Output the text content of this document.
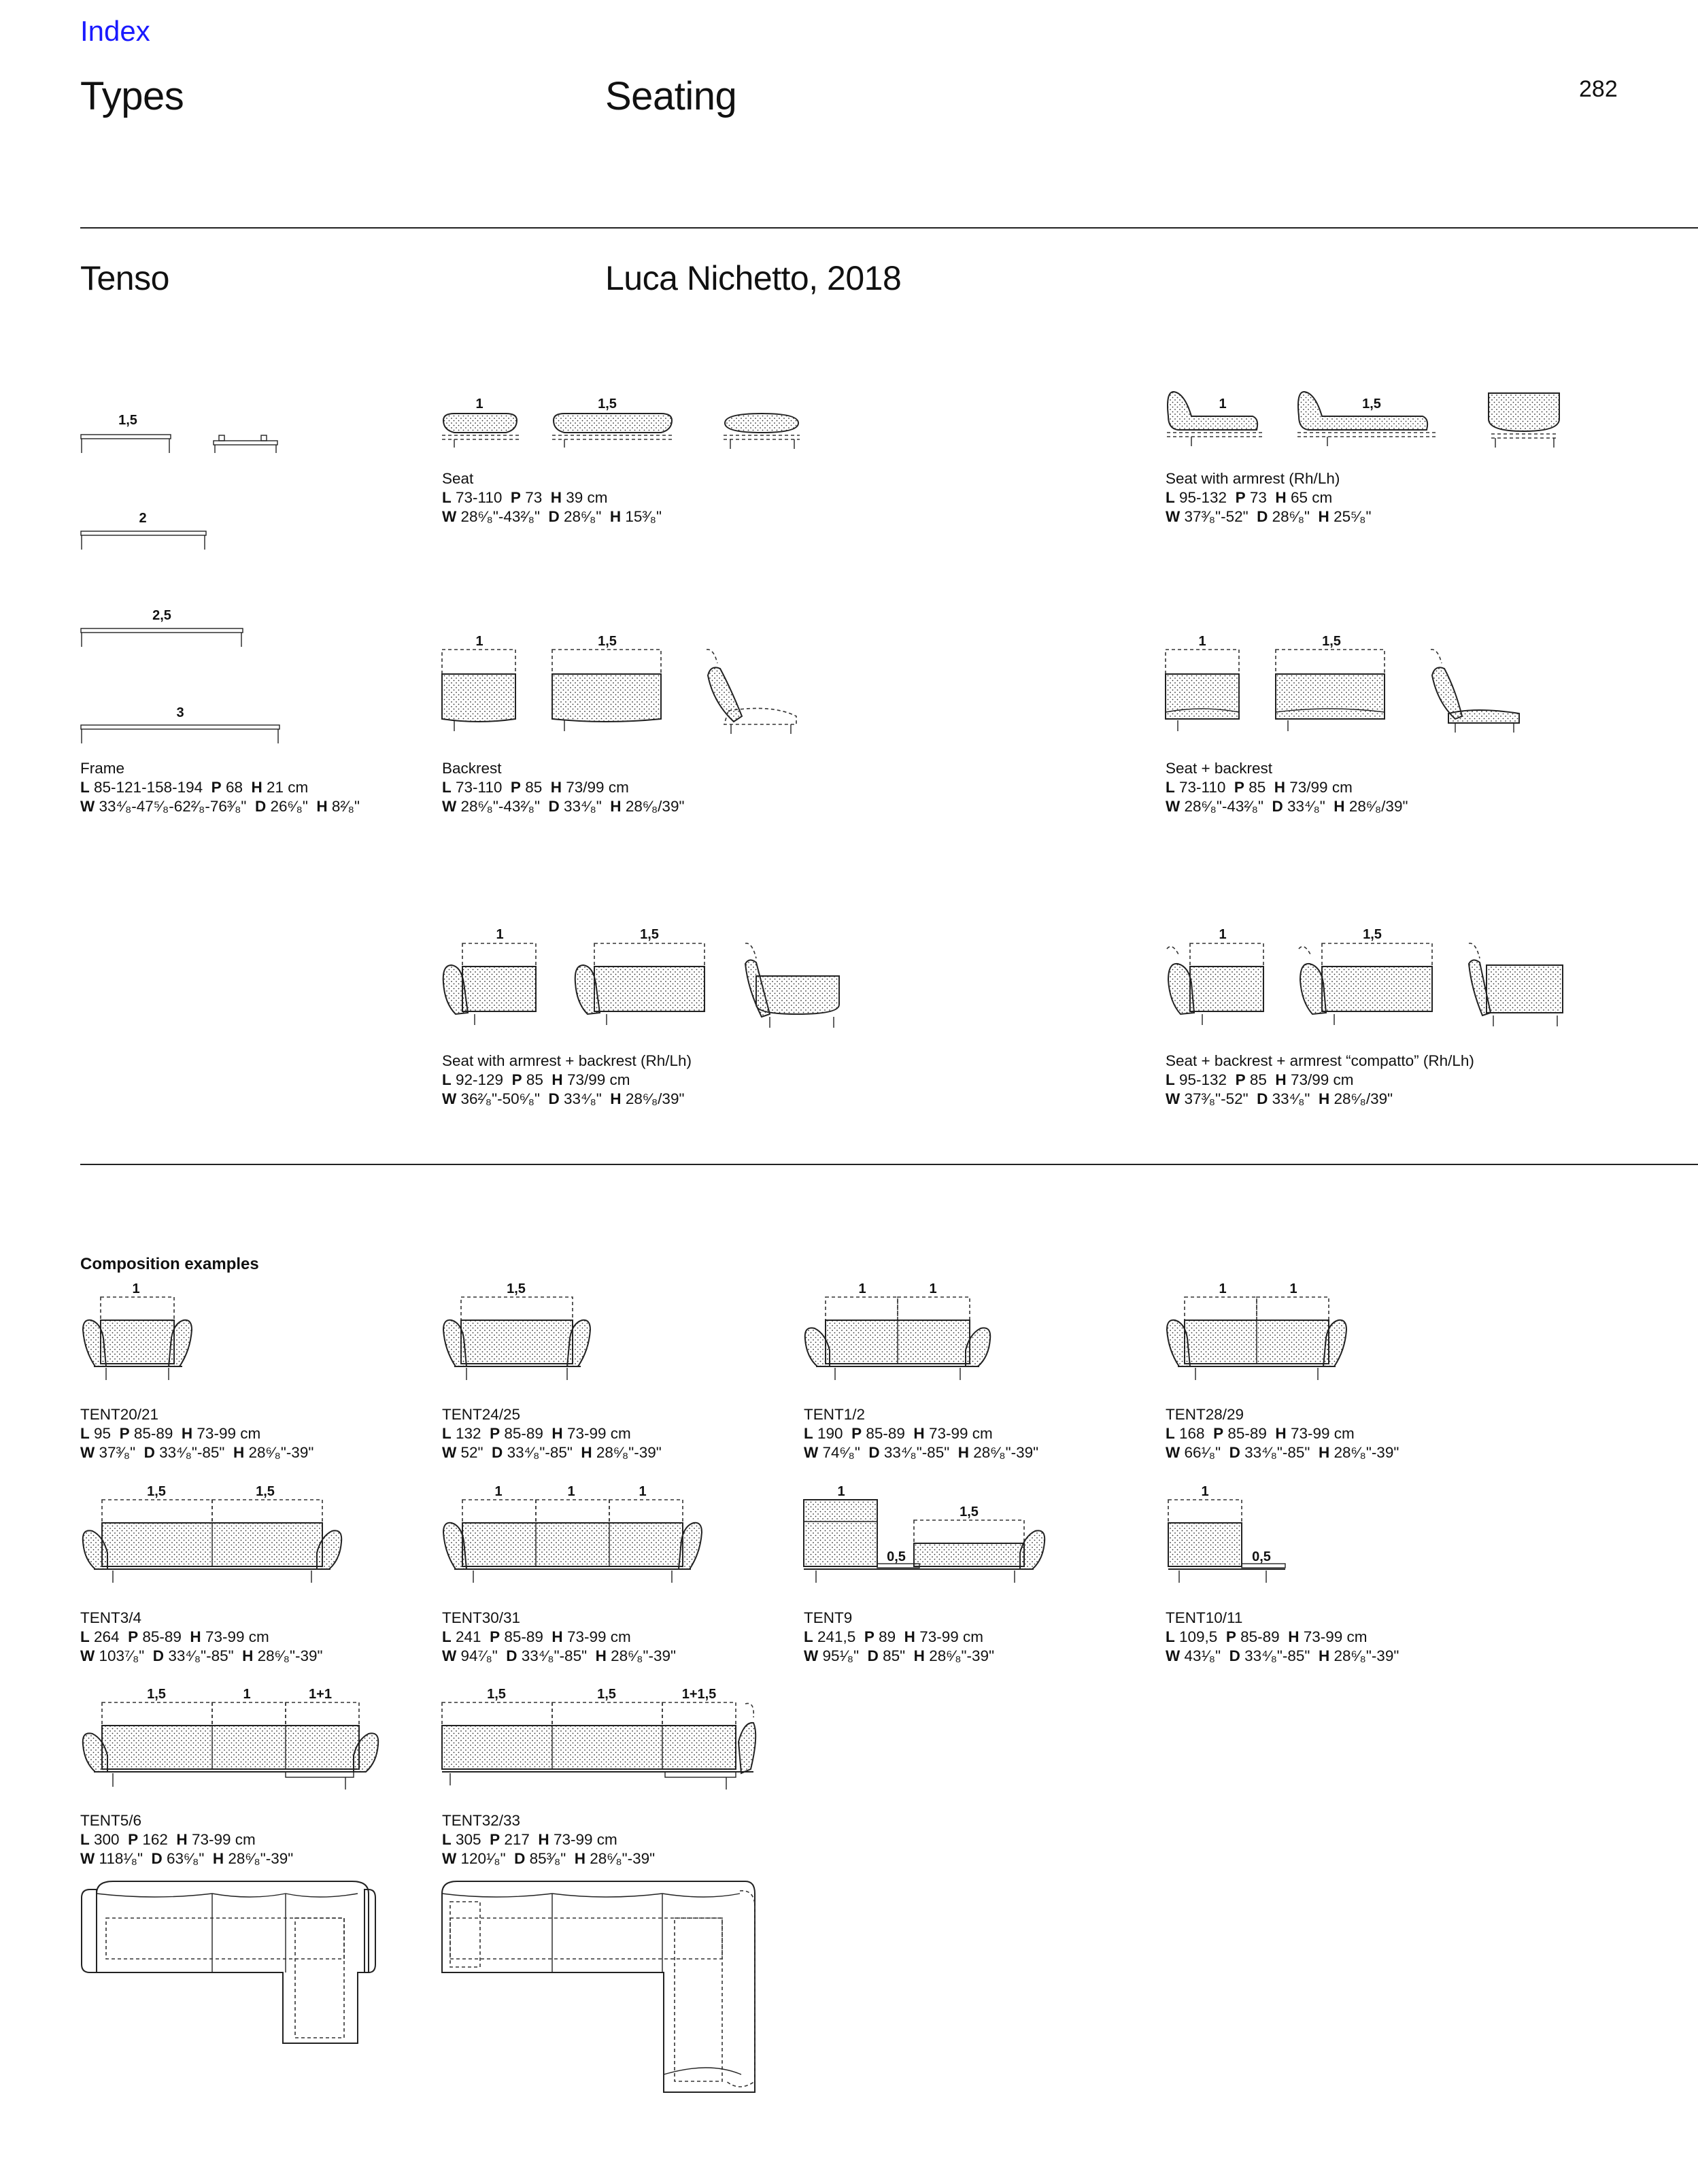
Index
Types	Seating	282
Tenso	Luca Nichetto, 2018
1,5
2
2,5
3
Frame
L 85-121-158-194 P 68 H 21 cm
W 33⁴⁄₈-47⁵⁄₈-62²⁄₈-76³⁄₈" D 26⁶⁄₈" H 8²⁄₈"
1	1,5
Seat
L 73-110 P 73 H 39 cm
W 28⁶⁄₈"-43²⁄₈" D 28⁶⁄₈" H 15³⁄₈"
1	1,5
Seat with armrest (Rh/Lh)
L 95-132 P 73 H 65 cm
W 37³⁄₈"-52" D 28⁶⁄₈" H 25⁵⁄₈"
1	1,5
Backrest
L 73-110 P 85 H 73/99 cm
W 28⁶⁄₈"-43²⁄₈" D 33⁴⁄₈" H 28⁶⁄₈/39"
1	1,5
Seat + backrest
L 73-110 P 85 H 73/99 cm
W 28⁶⁄₈"-43²⁄₈" D 33⁴⁄₈" H 28⁶⁄₈/39"
1	1,5
Seat with armrest + backrest (Rh/Lh)
L 92-129 P 85 H 73/99 cm
W 36²⁄₈"-50⁶⁄₈" D 33⁴⁄₈" H 28⁶⁄₈/39"
1	1,5
Seat + backrest + armrest “compatto” (Rh/Lh)
L 95-132 P 85 H 73/99 cm
W 37³⁄₈"-52" D 33⁴⁄₈" H 28⁶⁄₈/39"
Composition examples
1	1,5	1	1	1	1
TENT20/21
L 95 P 85-89 H 73-99 cm
W 37³⁄₈" D 33⁴⁄₈"-85" H 28⁶⁄₈"-39"
TENT24/25
L 132 P 85-89 H 73-99 cm
W 52" D 33⁴⁄₈"-85" H 28⁶⁄₈"-39"
TENT1/2
L 190 P 85-89 H 73-99 cm
W 74⁶⁄₈" D 33⁴⁄₈"-85" H 28⁶⁄₈"-39"
TENT28/29
L 168 P 85-89 H 73-99 cm
W 66¹⁄₈" D 33⁴⁄₈"-85" H 28⁶⁄₈"-39"
1,5	1,5	1	1	1	1
1,5
0,5
1
0,5
TENT3/4
L 264 P 85-89 H 73-99 cm
W 103⁷⁄₈" D 33⁴⁄₈"-85" H 28⁶⁄₈"-39"
TENT30/31
L 241 P 85-89 H 73-99 cm
W 94⁷⁄₈" D 33⁴⁄₈"-85" H 28⁶⁄₈"-39"
TENT9
L 241,5 P 89 H 73-99 cm
W 95¹⁄₈" D 85" H 28⁶⁄₈"-39"
TENT10/11
L 109,5 P 85-89 H 73-99 cm
W 43¹⁄₈" D 33⁴⁄₈"-85" H 28⁶⁄₈"-39"
1,5	1	1+1	1,5	1,5	1+1,5
TENT5/6
L 300 P 162 H 73-99 cm
W 118¹⁄₈" D 63⁶⁄₈" H 28⁶⁄₈"-39"
TENT32/33
L 305 P 217 H 73-99 cm
W 120¹⁄₈" D 85³⁄₈" H 28⁶⁄₈"-39"
